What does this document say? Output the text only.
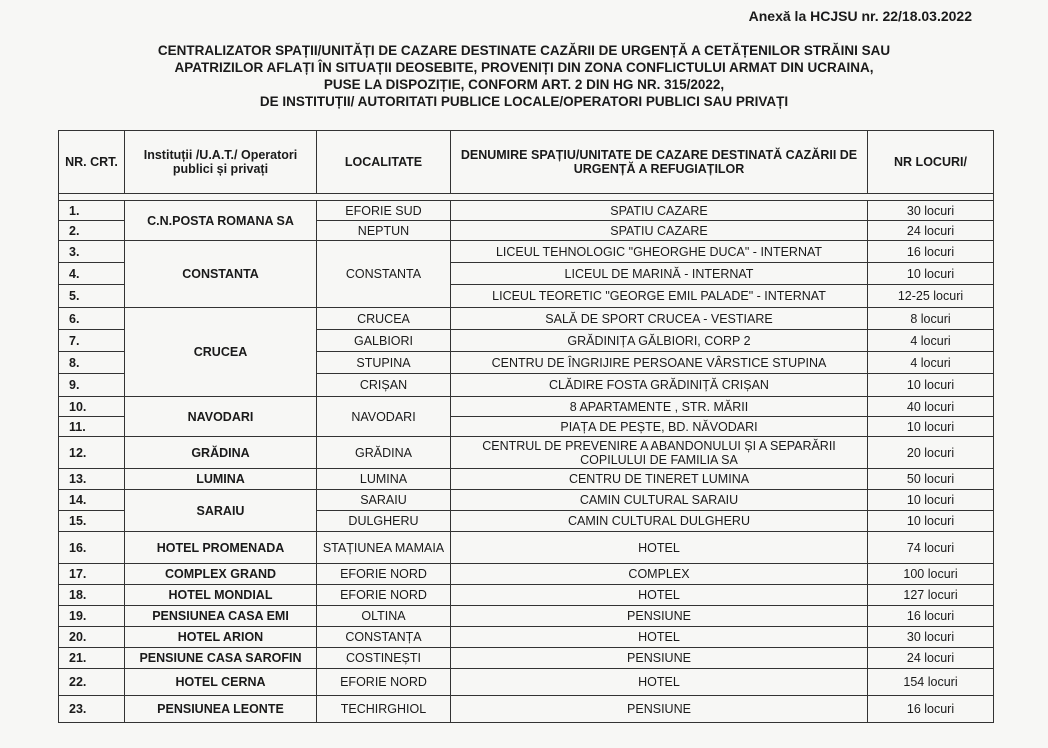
Anexă la HCJSU nr. 22/18.03.2022
CENTRALIZATOR SPAȚII/UNITĂȚI DE CAZARE DESTINATE CAZĂRII DE URGENȚĂ A CETĂȚENILOR STRĂINI SAU
APATRIZILOR AFLAȚI ÎN SITUAȚII DEOSEBITE, PROVENIȚI DIN ZONA CONFLICTULUI ARMAT DIN UCRAINA,
PUSE LA DISPOZIȚIE, CONFORM ART. 2 DIN HG NR. 315/2022,
DE INSTITUȚII/ AUTORITATI PUBLICE LOCALE/OPERATORI PUBLICI SAU PRIVAȚI
NR. CRT.	Instituții /U.A.T./ Operatori publici și privați	LOCALITATE	DENUMIRE SPAȚIU/UNITATE DE CAZARE DESTINATĂ CAZĂRII DE URGENȚĂ A REFUGIAȚILOR	NR LOCURI/

1.	C.N.POSTA ROMANA SA	EFORIE SUD	SPATIU CAZARE	30 locuri
2.		NEPTUN	SPATIU CAZARE	24 locuri
3.	CONSTANTA	CONSTANTA	LICEUL TEHNOLOGIC "GHEORGHE DUCA" - INTERNAT	16 locuri
4.			LICEUL DE MARINĂ - INTERNAT	10 locuri
5.			LICEUL TEORETIC "GEORGE EMIL PALADE" - INTERNAT	12-25 locuri
6.	CRUCEA	CRUCEA	SALĂ DE SPORT CRUCEA - VESTIARE	8 locuri
7.		GALBIORI	GRĂDINIȚA GĂLBIORI, CORP 2	4 locuri
8.		STUPINA	CENTRU DE ÎNGRIJIRE PERSOANE VÂRSTICE STUPINA	4 locuri
9.		CRIȘAN	CLĂDIRE FOSTA GRĂDINIȚĂ CRIȘAN	10 locuri
10.	NAVODARI	NAVODARI	8 APARTAMENTE , STR. MĂRII	40 locuri
11.			PIAȚA DE PEȘTE, BD. NĂVODARI	10 locuri
12.	GRĂDINA	GRĂDINA	CENTRUL DE PREVENIRE A ABANDONULUI ȘI A SEPARĂRII COPILULUI DE FAMILIA SA	20 locuri
13.	LUMINA	LUMINA	CENTRU DE TINERET LUMINA	50 locuri
14.	SARAIU	SARAIU	CAMIN CULTURAL SARAIU	10 locuri
15.		DULGHERU	CAMIN CULTURAL DULGHERU	10 locuri
16.	HOTEL PROMENADA	STAȚIUNEA MAMAIA	HOTEL	74 locuri
17.	COMPLEX GRAND	EFORIE NORD	COMPLEX	100 locuri
18.	HOTEL MONDIAL	EFORIE NORD	HOTEL	127 locuri
19.	PENSIUNEA CASA EMI	OLTINA	PENSIUNE	16 locuri
20.	HOTEL ARION	CONSTANȚA	HOTEL	30 locuri
21.	PENSIUNE CASA SAROFIN	COSTINEȘTI	PENSIUNE	24 locuri
22.	HOTEL CERNA	EFORIE NORD	HOTEL	154 locuri
23.	PENSIUNEA LEONTE	TECHIRGHIOL	PENSIUNE	16 locuri
